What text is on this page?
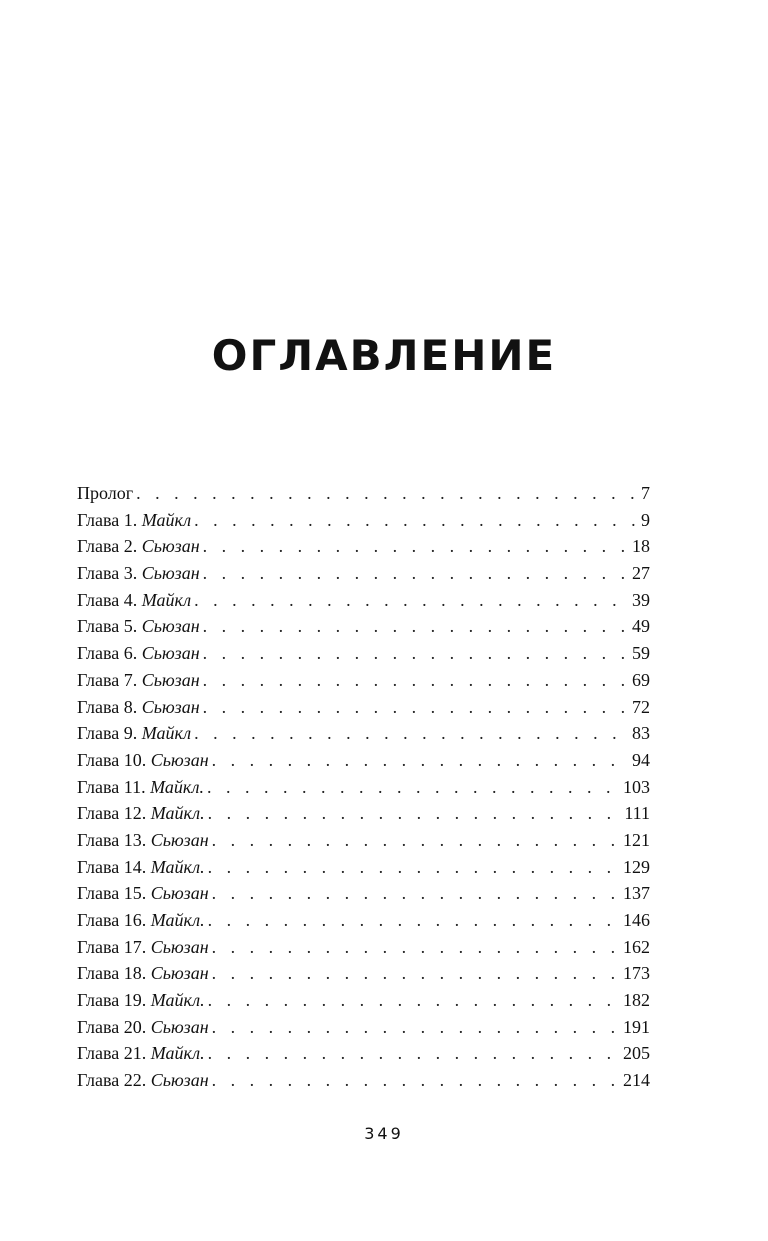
ОГЛАВЛЕНИЕ
Пролог . . .	7
Глава 1. Майкл . . .	9
Глава 2. Сьюзан . . .	18
Глава 3. Сьюзан . . .	27
Глава 4. Майкл . . .	39
Глава 5. Сьюзан . . .	49
Глава 6. Сьюзан . . .	59
Глава 7. Сьюзан . . .	69
Глава 8. Сьюзан . . .	72
Глава 9. Майкл . . .	83
Глава 10. Сьюзан . . .	94
Глава 11. Майкл. . . .	103
Глава 12. Майкл. . . .	111
Глава 13. Сьюзан . . .	121
Глава 14. Майкл. . . .	129
Глава 15. Сьюзан . . .	137
Глава 16. Майкл. . . .	146
Глава 17. Сьюзан . . .	162
Глава 18. Сьюзан . . .	173
Глава 19. Майкл. . . .	182
Глава 20. Сьюзан . . .	191
Глава 21. Майкл. . . .	205
Глава 22. Сьюзан . . .	214
349
